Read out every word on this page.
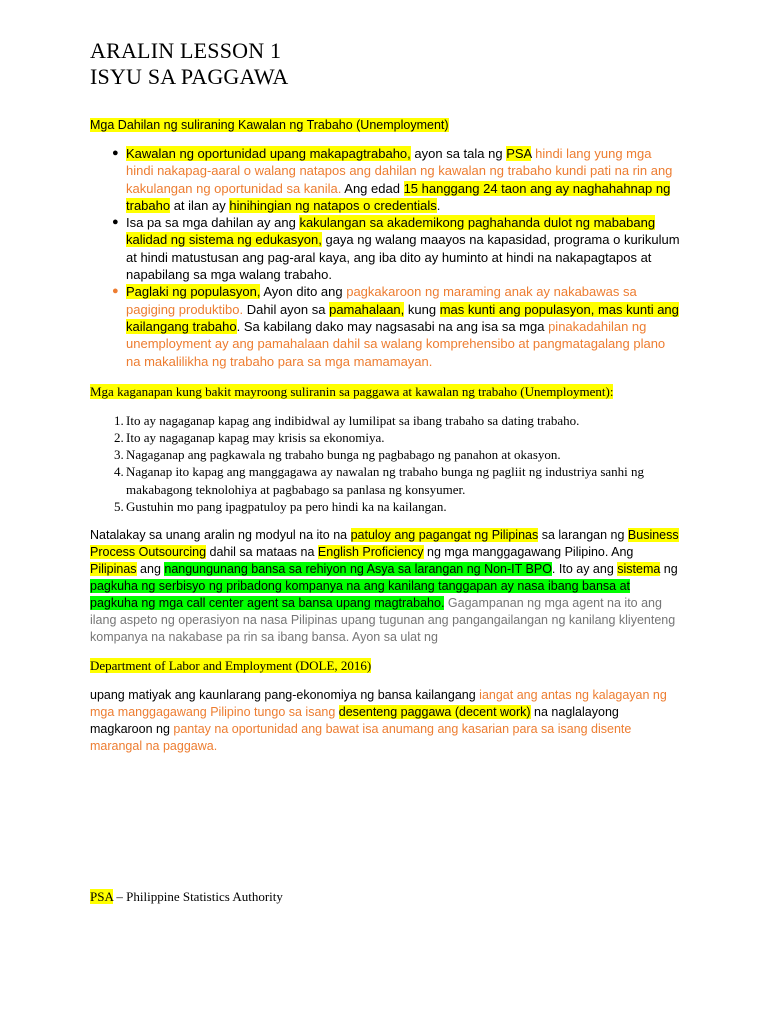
ARALIN LESSON 1
ISYU SA PAGGAWA
Mga Dahilan ng suliraning Kawalan ng Trabaho (Unemployment)
● Kawalan ng oportunidad upang makapagtrabaho, ayon sa tala ng PSA hindi lang yung mga hindi nakapag-aaral o walang natapos ang dahilan ng kawalan ng trabaho kundi pati na rin ang kakulangan ng oportunidad sa kanila. Ang edad 15 hanggang 24 taon ang ay naghahahnap ng trabaho at ilan ay hinihingian ng natapos o credentials.
● Isa pa sa mga dahilan ay ang kakulangan sa akademikong paghahanda dulot ng mababang kalidad ng sistema ng edukasyon, gaya ng walang maayos na kapasidad, programa o kurikulum at hindi matustusan ang pag-aral kaya, ang iba dito ay huminto at hindi na nakapagtapos at napabilang sa mga walang trabaho.
● Paglaki ng populasyon, Ayon dito ang pagkakaroon ng maraming anak ay nakabawas sa pagiging produktibo. Dahil ayon sa pamahalaan, kung mas kunti ang populasyon, mas kunti ang kailangang trabaho. Sa kabilang dako may nagsasabi na ang isa sa mga pinakadahilan ng unemployment ay ang pamahalaan dahil sa walang komprehensibo at pangmatagalang plano na makalilikha ng trabaho para sa mga mamamayan.
Mga kaganapan kung bakit mayroong suliranin sa paggawa at kawalan ng trabaho (Unemployment):
1. Ito ay nagaganap kapag ang indibidwal ay lumilipat sa ibang trabaho sa dating trabaho.
2. Ito ay nagaganap kapag may krisis sa ekonomiya.
3. Nagaganap ang pagkawala ng trabaho bunga ng pagbabago ng panahon at okasyon.
4. Naganap ito kapag ang manggagawa ay nawalan ng trabaho bunga ng pagliit ng industriya sanhi ng makabagong teknolohiya at pagbabago sa panlasa ng konsyumer.
5. Gustuhin mo pang ipagpatuloy pa pero hindi ka na kailangan.
Natalakay sa unang aralin ng modyul na ito na patuloy ang pagangat ng Pilipinas sa larangan ng Business Process Outsourcing dahil sa mataas na English Proficiency ng mga manggagawang Pilipino. Ang Pilipinas ang nangungunang bansa sa rehiyon ng Asya sa larangan ng Non-IT BPO. Ito ay ang sistema ng pagkuha ng serbisyo ng pribadong kompanya na ang kanilang tanggapan ay nasa ibang bansa at pagkuha ng mga call center agent sa bansa upang magtrabaho. Gagampanan ng mga agent na ito ang ilang aspeto ng operasiyon na nasa Pilipinas upang tugunan ang pangangailangan ng kanilang kliyenteng kompanya na nakabase pa rin sa ibang bansa. Ayon sa ulat ng
Department of Labor and Employment (DOLE, 2016)
upang matiyak ang kaunlarang pang-ekonomiya ng bansa kailangang iangat ang antas ng kalagayan ng mga manggagawang Pilipino tungo sa isang desenteng paggawa (decent work) na naglalayong magkaroon ng pantay na oportunidad ang bawat isa anumang ang kasarian para sa isang disente marangal na paggawa.
PSA – Philippine Statistics Authority
